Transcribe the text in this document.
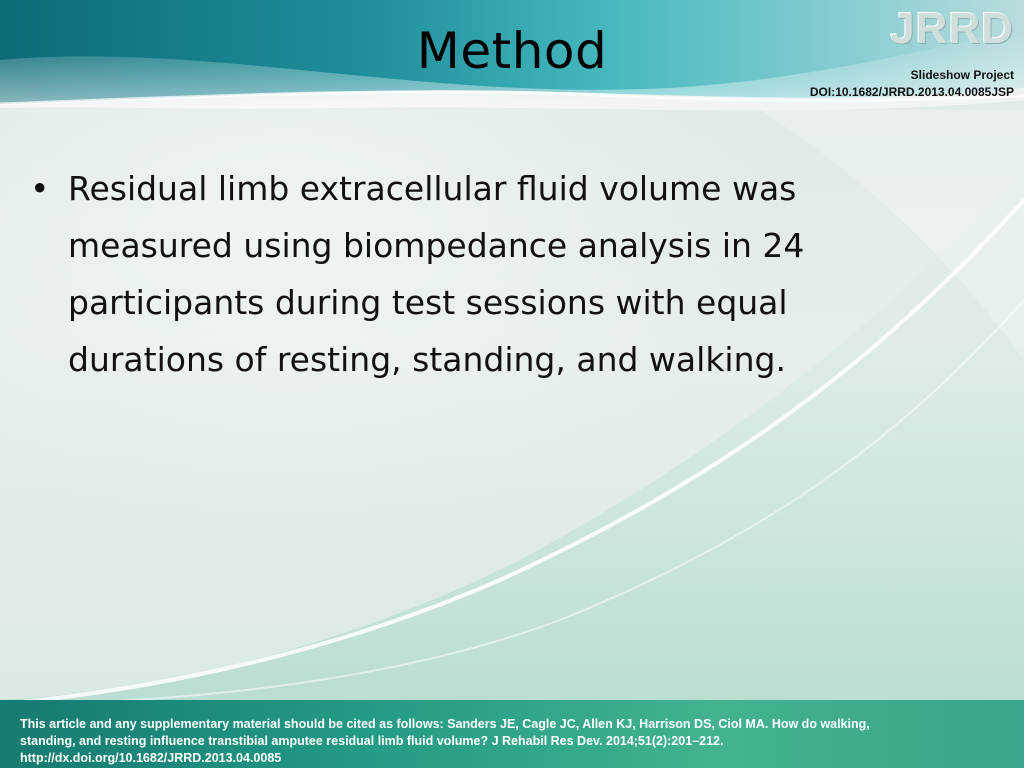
Method	JRRD
Slideshow Project
DOI:10.1682/JRRD.2013.04.0085JSP
• Residual limb extracellular fluid volume was
measured using biompedance analysis in 24
participants during test sessions with equal
durations of resting, standing, and walking.
This article and any supplementary material should be cited as follows: Sanders JE, Cagle JC, Allen KJ, Harrison DS, Ciol MA. How do walking,
standing, and resting influence transtibial amputee residual limb fluid volume? J Rehabil Res Dev. 2014;51(2):201–212.
http://dx.doi.org/10.1682/JRRD.2013.04.0085
